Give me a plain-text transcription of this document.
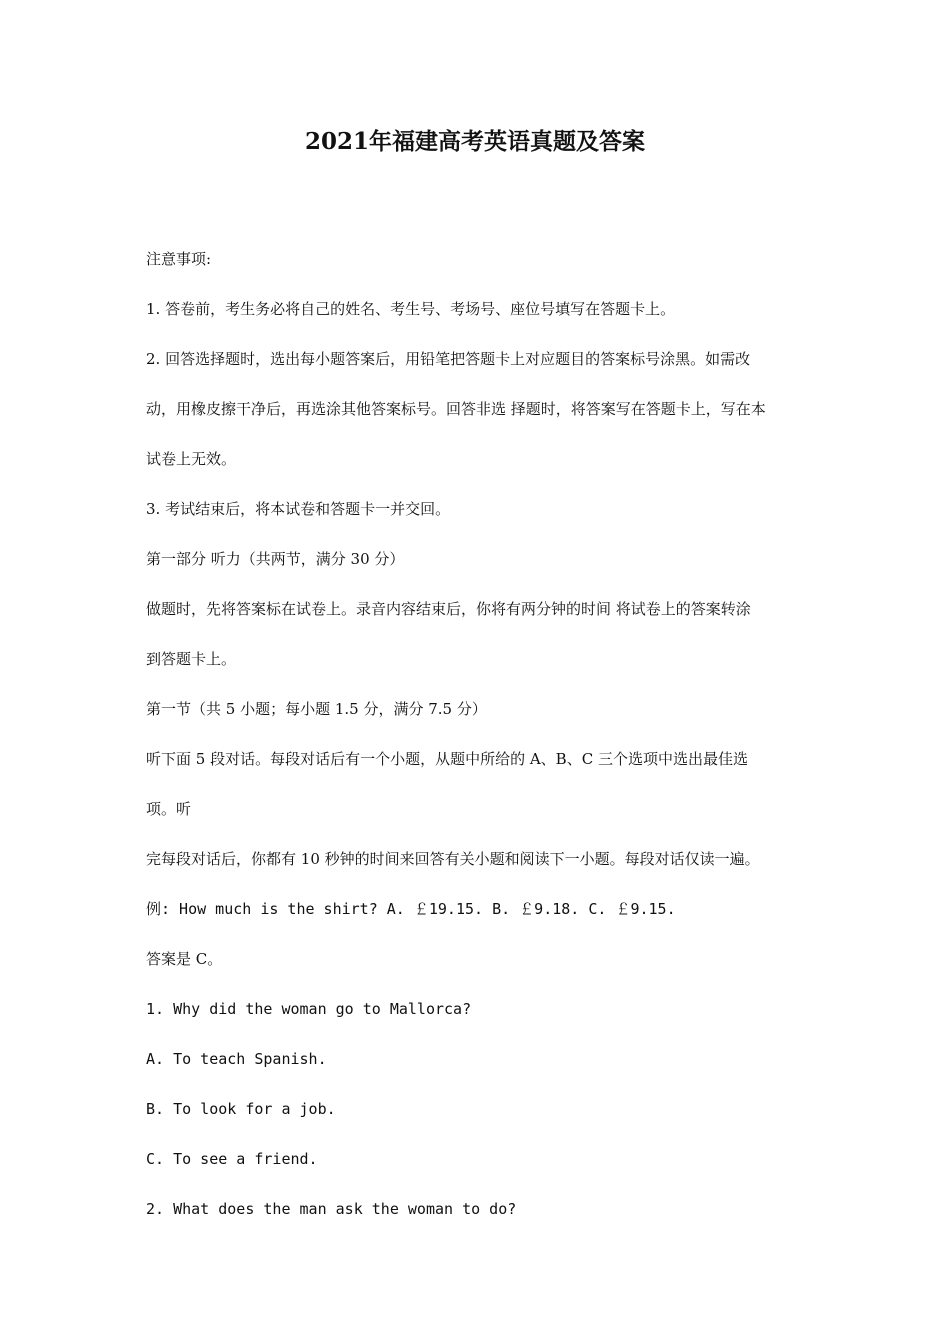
2021年福建高考英语真题及答案
注意事项:
1. 答卷前，考生务必将自己的姓名、考生号、考场号、座位号填写在答题卡上。
2. 回答选择题时，选出每小题答案后，用铅笔把答题卡上对应题目的答案标号涂黑。如需改
动，用橡皮擦干净后，再选涂其他答案标号。回答非选 择题时，将答案写在答题卡上，写在本
试卷上无效。
3. 考试结束后，将本试卷和答题卡一并交回。
第一部分 听力（共两节，满分 30 分）
做题时，先将答案标在试卷上。录音内容结束后，你将有两分钟的时间 将试卷上的答案转涂
到答题卡上。
第一节（共 5 小题；每小题 1.5 分，满分 7.5 分）
听下面 5 段对话。每段对话后有一个小题，从题中所给的 A、B、C 三个选项中选出最佳选
项。听
完每段对话后，你都有 10 秒钟的时间来回答有关小题和阅读下一小题。每段对话仅读一遍。
例: How much is the shirt? A. ￡19.15. B. ￡9.18. C. ￡9.15.
答案是 C。
1. Why did the woman go to Mallorca?
A. To teach Spanish.
B. To look for a job.
C. To see a friend.
2. What does the man ask the woman to do?
